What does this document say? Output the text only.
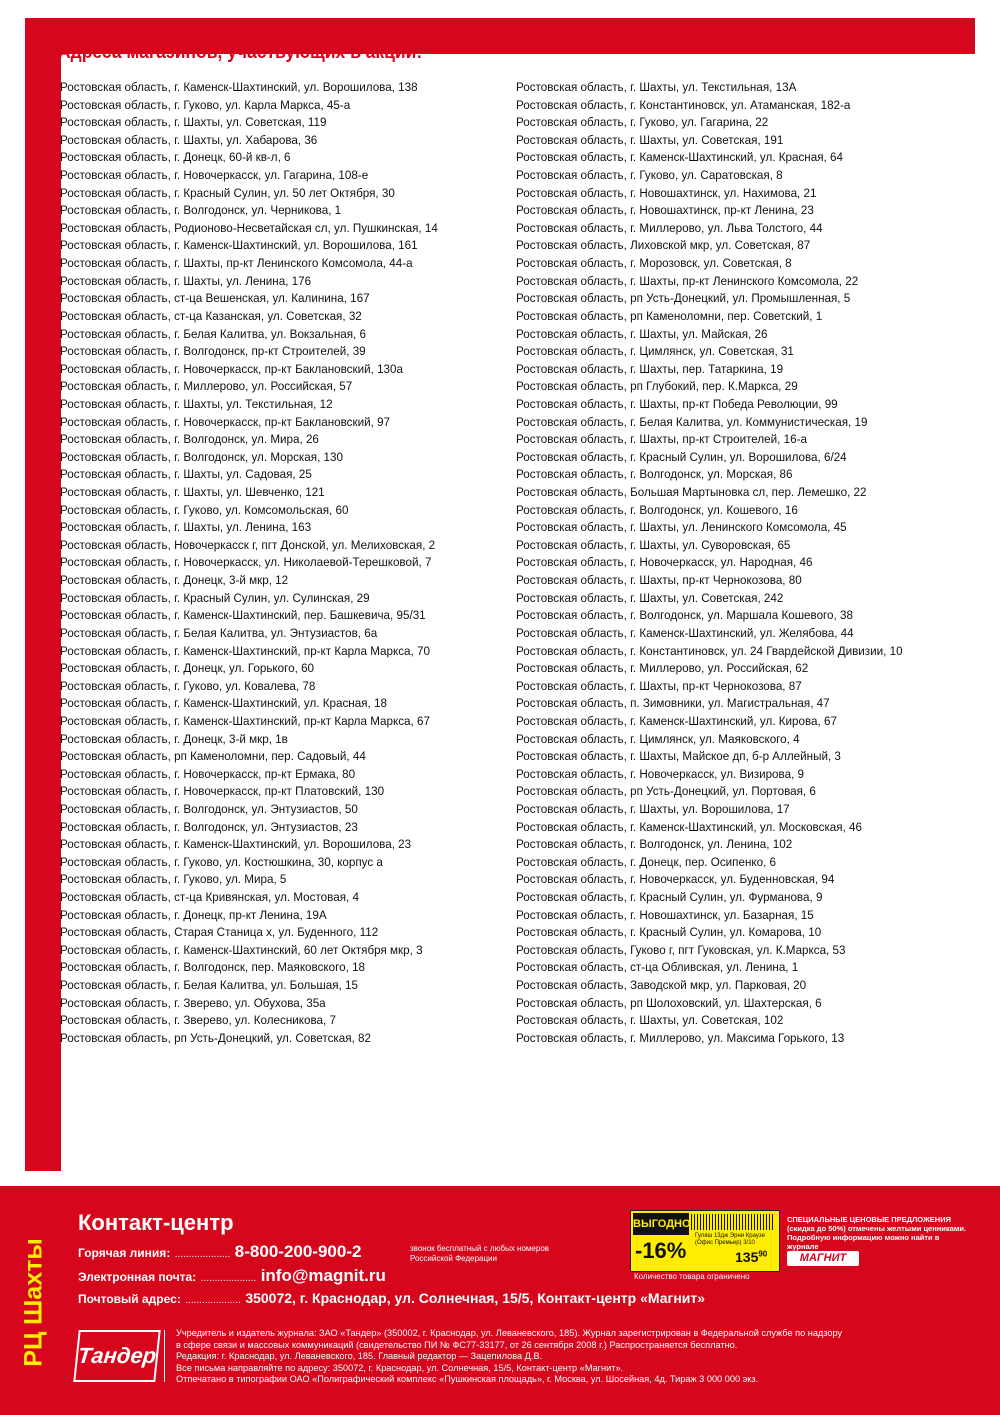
Адреса магазинов, участвующих в акции:
Ростовская область, г. Каменск-Шахтинский, ул. Ворошилова, 138
Ростовская область, г. Гуково, ул. Карла Маркса, 45-а
Ростовская область, г. Шахты, ул. Советская, 119
Ростовская область, г. Шахты, ул. Хабарова, 36
Ростовская область, г. Донецк, 60-й кв-л, 6
Ростовская область, г. Новочеркасск, ул. Гагарина, 108-е
Ростовская область, г. Красный Сулин, ул. 50 лет Октября, 30
Ростовская область, г. Волгодонск, ул. Черникова, 1
Ростовская область, Родионово-Несветайская сл, ул. Пушкинская, 14
Ростовская область, г. Каменск-Шахтинский, ул. Ворошилова, 161
Ростовская область, г. Шахты, пр-кт Ленинского Комсомола, 44-а
Ростовская область, г. Шахты, ул. Ленина, 176
Ростовская область, ст-ца Вешенская, ул. Калинина, 167
Ростовская область, ст-ца Казанская, ул. Советская, 32
Ростовская область, г. Белая Калитва, ул. Вокзальная, 6
Ростовская область, г. Волгодонск, пр-кт Строителей, 39
Ростовская область, г. Новочеркасск, пр-кт Баклановский, 130а
Ростовская область, г. Миллерово, ул. Российская, 57
Ростовская область, г. Шахты, ул. Текстильная, 12
Ростовская область, г. Новочеркасск, пр-кт Баклановский, 97
Ростовская область, г. Волгодонск, ул. Мира, 26
Ростовская область, г. Волгодонск, ул. Морская, 130
Ростовская область, г. Шахты, ул. Садовая, 25
Ростовская область, г. Шахты, ул. Шевченко, 121
Ростовская область, г. Гуково, ул. Комсомольская, 60
Ростовская область, г. Шахты, ул. Ленина, 163
Ростовская область, Новочеркасск г, пгт Донской, ул. Мелиховская, 2
Ростовская область, г. Новочеркасск, ул. Николаевой-Терешковой, 7
Ростовская область, г. Донецк, 3-й мкр, 12
Ростовская область, г. Красный Сулин, ул. Сулинская, 29
Ростовская область, г. Каменск-Шахтинский, пер. Башкевича, 95/31
Ростовская область, г. Белая Калитва, ул. Энтузиастов, 6а
Ростовская область, г. Каменск-Шахтинский, пр-кт Карла Маркса, 70
Ростовская область, г. Донецк, ул. Горького, 60
Ростовская область, г. Гуково, ул. Ковалева, 78
Ростовская область, г. Каменск-Шахтинский, ул. Красная, 18
Ростовская область, г. Каменск-Шахтинский, пр-кт Карла Маркса, 67
Ростовская область, г. Донецк, 3-й мкр, 1в
Ростовская область, рп Каменоломни, пер. Садовый, 44
Ростовская область, г. Новочеркасск, пр-кт Ермака, 80
Ростовская область, г. Новочеркасск, пр-кт Платовский, 130
Ростовская область, г. Волгодонск, ул. Энтузиастов, 50
Ростовская область, г. Волгодонск, ул. Энтузиастов, 23
Ростовская область, г. Каменск-Шахтинский, ул. Ворошилова, 23
Ростовская область, г. Гуково, ул. Костюшкина, 30, корпус а
Ростовская область, г. Гуково, ул. Мира, 5
Ростовская область, ст-ца Кривянская, ул. Мостовая, 4
Ростовская область, г. Донецк, пр-кт Ленина, 19А
Ростовская область, Старая Станица х, ул. Буденного, 112
Ростовская область, г. Каменск-Шахтинский, 60 лет Октября мкр, 3
Ростовская область, г. Волгодонск, пер. Маяковского, 18
Ростовская область, г. Белая Калитва, ул. Большая, 15
Ростовская область, г. Зверево, ул. Обухова, 35а
Ростовская область, г. Зверево, ул. Колесникова, 7
Ростовская область, рп Усть-Донецкий, ул. Советская, 82
Ростовская область, г. Шахты, ул. Текстильная, 13А
Ростовская область, г. Константиновск, ул. Атаманская, 182-а
Ростовская область, г. Гуково, ул. Гагарина, 22
Ростовская область, г. Шахты, ул. Советская, 191
Ростовская область, г. Каменск-Шахтинский, ул. Красная, 64
Ростовская область, г. Гуково, ул. Саратовская, 8
Ростовская область, г. Новошахтинск, ул. Нахимова, 21
Ростовская область, г. Новошахтинск, пр-кт Ленина, 23
Ростовская область, г. Миллерово, ул. Льва Толстого, 44
Ростовская область, Лиховской мкр, ул. Советская, 87
Ростовская область, г. Морозовск, ул. Советская, 8
Ростовская область, г. Шахты, пр-кт Ленинского Комсомола, 22
Ростовская область, рп Усть-Донецкий, ул. Промышленная, 5
Ростовская область, рп Каменоломни, пер. Советский, 1
Ростовская область, г. Шахты, ул. Майская, 26
Ростовская область, г. Цимлянск, ул. Советская, 31
Ростовская область, г. Шахты, пер. Татаркина, 19
Ростовская область, рп Глубокий, пер. К.Маркса, 29
Ростовская область, г. Шахты, пр-кт Победа Революции, 99
Ростовская область, г. Белая Калитва, ул. Коммунистическая, 19
Ростовская область, г. Шахты, пр-кт Строителей, 16-а
Ростовская область, г. Красный Сулин, ул. Ворошилова, 6/24
Ростовская область, г. Волгодонск, ул. Морская, 86
Ростовская область, Большая Мартыновка сл, пер. Лемешко, 22
Ростовская область, г. Волгодонск, ул. Кошевого, 16
Ростовская область, г. Шахты, ул. Ленинского Комсомола, 45
Ростовская область, г. Шахты, ул. Суворовская, 65
Ростовская область, г. Новочеркасск, ул. Народная, 46
Ростовская область, г. Шахты, пр-кт Чернокозова, 80
Ростовская область, г. Шахты, ул. Советская, 242
Ростовская область, г. Волгодонск, ул. Маршала Кошевого, 38
Ростовская область, г. Каменск-Шахтинский, ул. Желябова, 44
Ростовская область, г. Константиновск, ул. 24 Гвардейской Дивизии, 10
Ростовская область, г. Миллерово, ул. Российская, 62
Ростовская область, г. Шахты, пр-кт Чернокозова, 87
Ростовская область, п. Зимовники, ул. Магистральная, 47
Ростовская область, г. Каменск-Шахтинский, ул. Кирова, 67
Ростовская область, г. Цимлянск, ул. Маяковского, 4
Ростовская область, г. Шахты, Майское дп, б-р Аллейный, 3
Ростовская область, г. Новочеркасск, ул. Визирова, 9
Ростовская область, рп Усть-Донецкий, ул. Портовая, 6
Ростовская область, г. Шахты, ул. Ворошилова, 17
Ростовская область, г. Каменск-Шахтинский, ул. Московская, 46
Ростовская область, г. Волгодонск, ул. Ленина, 102
Ростовская область, г. Донецк, пер. Осипенко, 6
Ростовская область, г. Новочеркасск, ул. Буденновская, 94
Ростовская область, г. Красный Сулин, ул. Фурманова, 9
Ростовская область, г. Новошахтинск, ул. Базарная, 15
Ростовская область, г. Красный Сулин, ул. Комарова, 10
Ростовская область, Гуково г, пгт Гуковская, ул. К.Маркса, 53
Ростовская область, ст-ца Обливская, ул. Ленина, 1
Ростовская область, Заводской мкр, ул. Парковая, 20
Ростовская область, рп Шолоховский, ул. Шахтерская, 6
Ростовская область, г. Шахты, ул. Советская, 102
Ростовская область, г. Миллерово, ул. Максима Горького, 13
РЦ Шахты
Контакт-центр
Горячая линия: .................... 8-800-200-900-2	звонок бесплатный с любых номеров Российской Федерации
Электронная почта: .................... info@magnit.ru
Почтовый адрес: .................... 350072, г. Краснодар, ул. Солнечная, 15/5, Контакт-центр «Магнит»
ВЫГОДНО
-16%
Гуляш 13дж Эрни Краузе (Офис Премьер) 3/10
$135^{90}$
Количество товара ограничено
СПЕЦИАЛЬНЫЕ ЦЕНОВЫЕ ПРЕДЛОЖЕНИЯ (скидка до 50%) отмечены желтыми ценниками. Подробную информацию можно найти в журнале
МАГНИТ
Тандер
Учредитель и издатель журнала: ЗАО «Тандер» (350002, г. Краснодар, ул. Леваневского, 185). Журнал зарегистрирован в Федеральной службе по надзору
в сфере связи и массовых коммуникаций (свидетельство ПИ № ФС77-33177, от 26 сентября 2008 г.) Распространяется бесплатно.
Редакция: г. Краснодар, ул. Леваневского, 185. Главный редактор — Зацепилова Д.В.
Все письма направляйте по адресу: 350072, г. Краснодар, ул. Солнечная, 15/5, Контакт-центр «Магнит».
Отпечатано в типографии ОАО «Полиграфический комплекс «Пушкинская площадь», г. Москва, ул. Шосейная, 4д. Тираж 3 000 000 экз.
